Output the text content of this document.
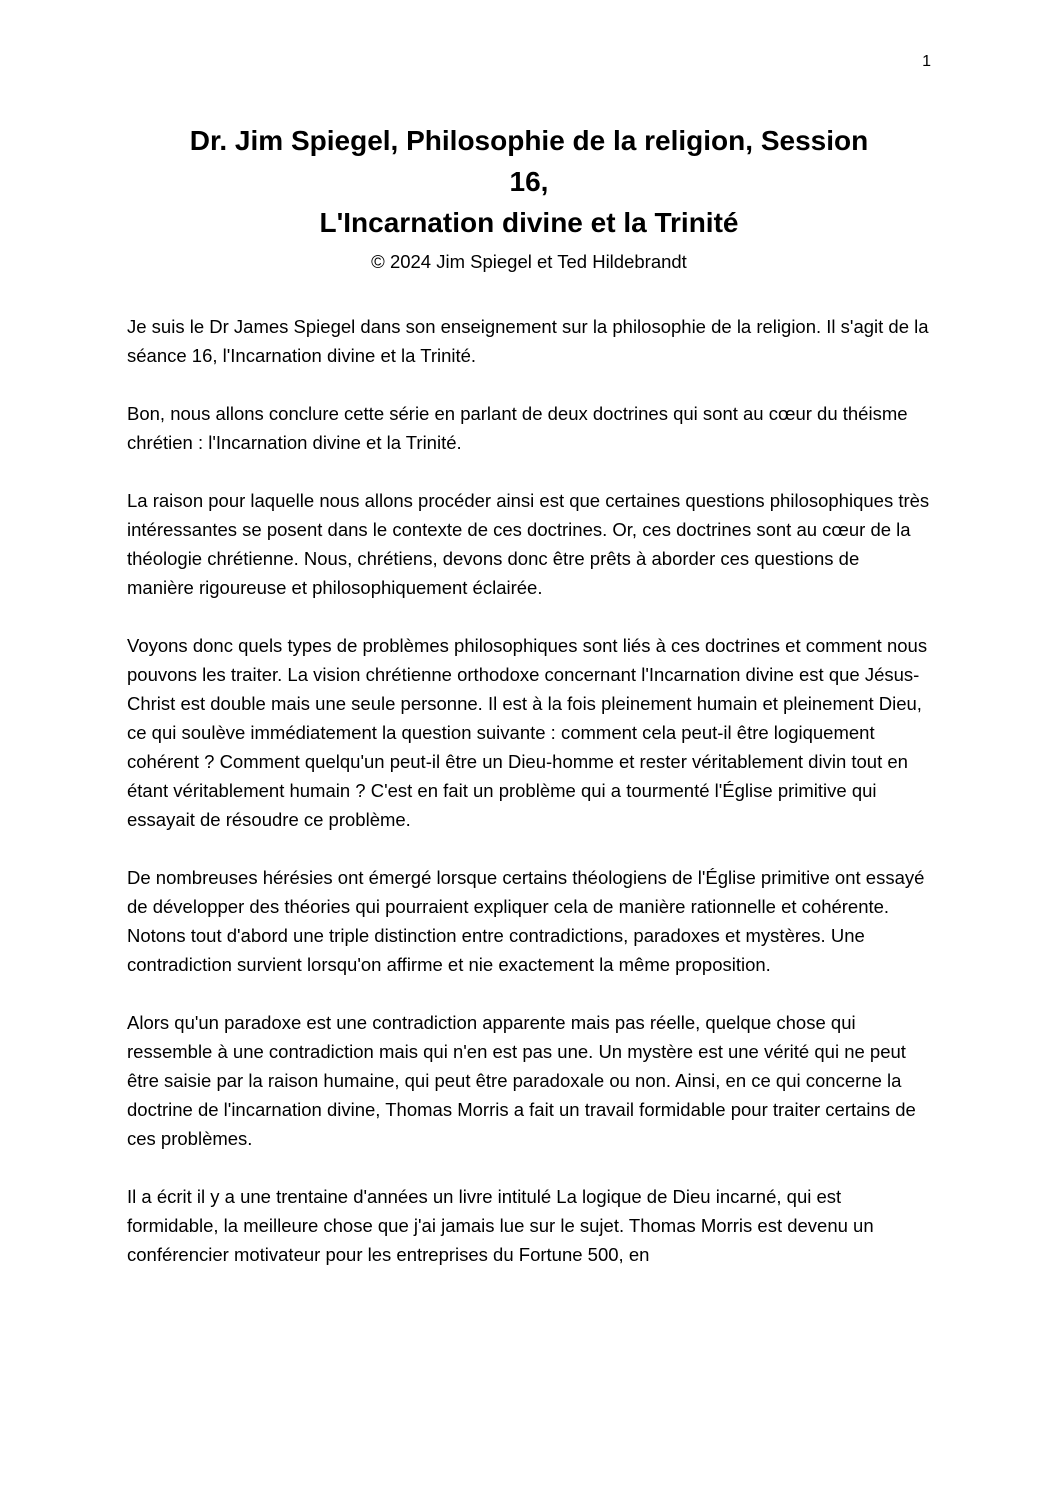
1
Dr. Jim Spiegel, Philosophie de la religion, Session
16,
L'Incarnation divine et la Trinité
© 2024 Jim Spiegel et Ted Hildebrandt

Je suis le Dr James Spiegel dans son enseignement sur la philosophie de la religion. Il s'agit de la séance 16, l'Incarnation divine et la Trinité.

Bon, nous allons conclure cette série en parlant de deux doctrines qui sont au cœur du théisme chrétien : l'Incarnation divine et la Trinité.

La raison pour laquelle nous allons procéder ainsi est que certaines questions philosophiques très intéressantes se posent dans le contexte de ces doctrines. Or, ces doctrines sont au cœur de la théologie chrétienne. Nous, chrétiens, devons donc être prêts à aborder ces questions de manière rigoureuse et philosophiquement éclairée.

Voyons donc quels types de problèmes philosophiques sont liés à ces doctrines et comment nous pouvons les traiter. La vision chrétienne orthodoxe concernant l'Incarnation divine est que Jésus-Christ est double mais une seule personne. Il est à la fois pleinement humain et pleinement Dieu, ce qui soulève immédiatement la question suivante : comment cela peut-il être logiquement cohérent ? Comment quelqu'un peut-il être un Dieu-homme et rester véritablement divin tout en étant véritablement humain ? C'est en fait un problème qui a tourmenté l'Église primitive qui essayait de résoudre ce problème.

De nombreuses hérésies ont émergé lorsque certains théologiens de l'Église primitive ont essayé de développer des théories qui pourraient expliquer cela de manière rationnelle et cohérente. Notons tout d'abord une triple distinction entre contradictions, paradoxes et mystères. Une contradiction survient lorsqu'on affirme et nie exactement la même proposition.

Alors qu'un paradoxe est une contradiction apparente mais pas réelle, quelque chose qui ressemble à une contradiction mais qui n'en est pas une. Un mystère est une vérité qui ne peut être saisie par la raison humaine, qui peut être paradoxale ou non. Ainsi, en ce qui concerne la doctrine de l'incarnation divine, Thomas Morris a fait un travail formidable pour traiter certains de ces problèmes.

Il a écrit il y a une trentaine d'années un livre intitulé La logique de Dieu incarné, qui est formidable, la meilleure chose que j'ai jamais lue sur le sujet. Thomas Morris est devenu un conférencier motivateur pour les entreprises du Fortune 500, en
